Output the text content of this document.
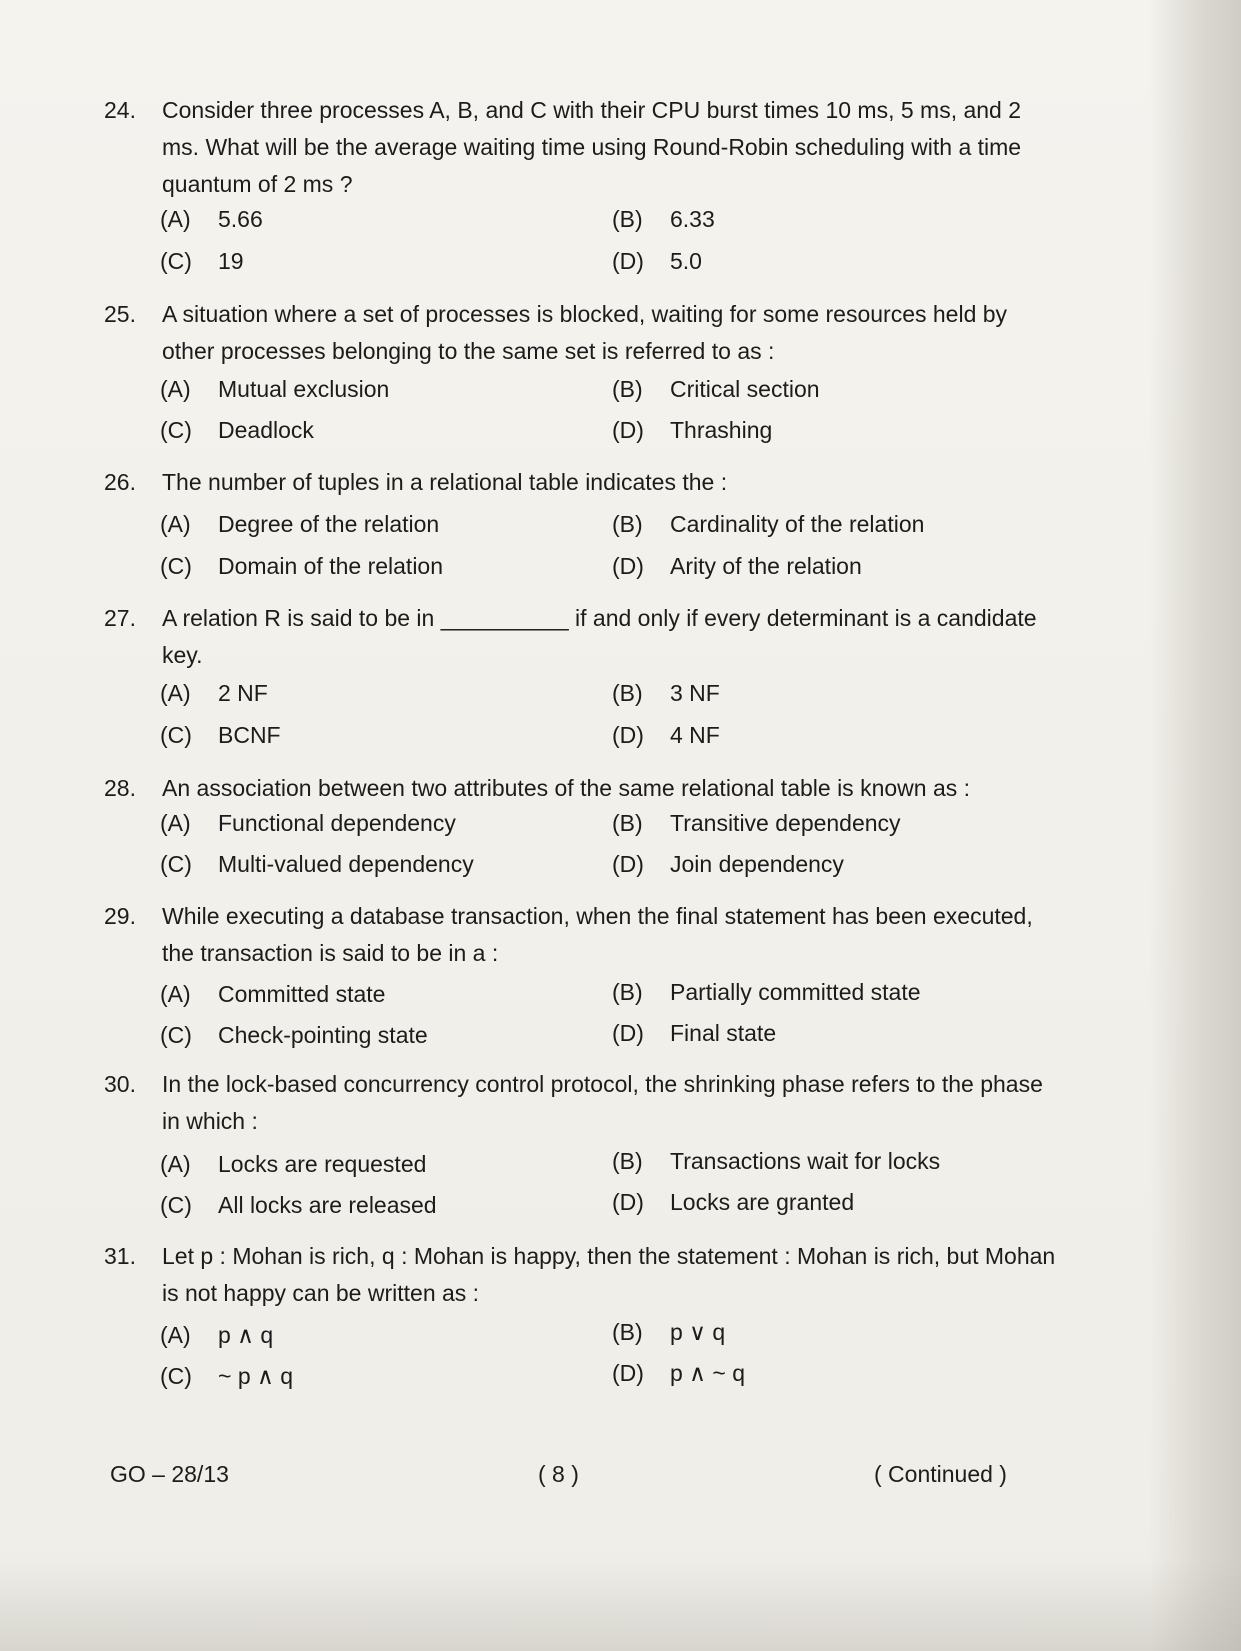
24. Consider three processes A, B, and C with their CPU burst times 10 ms, 5 ms, and 2 ms. What will be the average waiting time using Round-Robin scheduling with a time quantum of 2 ms ?
(A) 5.66	(B) 6.33
(C) 19	(D) 5.0
25. A situation where a set of processes is blocked, waiting for some resources held by other processes belonging to the same set is referred to as :
(A) Mutual exclusion	(B) Critical section
(C) Deadlock	(D) Thrashing
26. The number of tuples in a relational table indicates the :
(A) Degree of the relation	(B) Cardinality of the relation
(C) Domain of the relation	(D) Arity of the relation
27. A relation R is said to be in __________ if and only if every determinant is a candidate key.
(A) 2 NF	(B) 3 NF
(C) BCNF	(D) 4 NF
28. An association between two attributes of the same relational table is known as :
(A) Functional dependency	(B) Transitive dependency
(C) Multi-valued dependency	(D) Join dependency
29. While executing a database transaction, when the final statement has been executed, the transaction is said to be in a :
(A) Committed state	(B) Partially committed state
(C) Check-pointing state	(D) Final state
30. In the lock-based concurrency control protocol, the shrinking phase refers to the phase in which :
(A) Locks are requested	(B) Transactions wait for locks
(C) All locks are released	(D) Locks are granted
31. Let p : Mohan is rich, q : Mohan is happy, then the statement : Mohan is rich, but Mohan is not happy can be written as :
(A) p ∧ q	(B) p ∨ q
(C) ~ p ∧ q	(D) p ∧ ~ q
GO – 28/13	( 8 )	( Continued )
